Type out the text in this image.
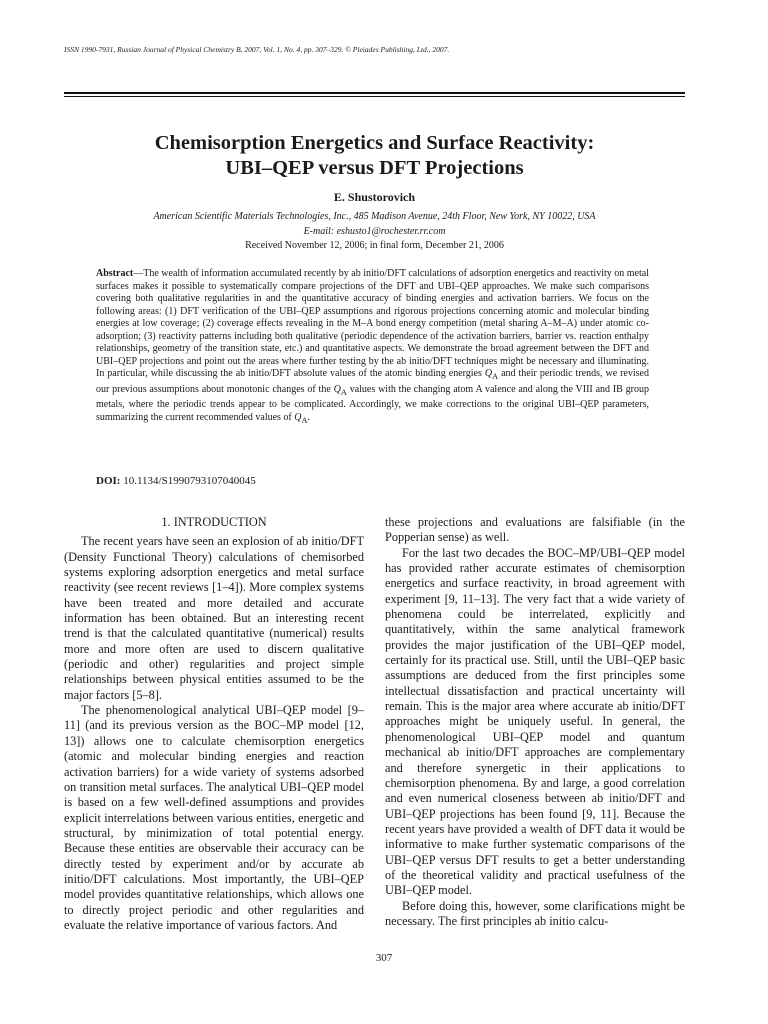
ISSN 1990-7931, Russian Journal of Physical Chemistry B, 2007, Vol. 1, No. 4, pp. 307–329. © Pleiades Publishing, Ltd., 2007.
Chemisorption Energetics and Surface Reactivity:
UBI–QEP versus DFT Projections
E. Shustorovich
American Scientific Materials Technologies, Inc., 485 Madison Avenue, 24th Floor, New York, NY 10022, USA
E-mail: eshusto1@rochester.rr.com
Received November 12, 2006; in final form, December 21, 2006
Abstract—The wealth of information accumulated recently by ab initio/DFT calculations of adsorption energetics and reactivity on metal surfaces makes it possible to systematically compare projections of the DFT and UBI–QEP approaches. We make such comparisons covering both qualitative regularities in and the quantitative accuracy of binding energies and activation barriers. We focus on the following areas: (1) DFT verification of the UBI–QEP assumptions and rigorous projections concerning atomic and molecular binding energies at low coverage; (2) coverage effects revealing in the M–A bond energy competition (metal sharing A–M–A) under atomic co-adsorption; (3) reactivity patterns including both qualitative (periodic dependence of the activation barriers, barrier vs. reaction enthalpy relationships, geometry of the transition state, etc.) and quantitative aspects. We demonstrate the broad agreement between the DFT and UBI–QEP projections and point out the areas where further testing by the ab initio/DFT techniques might be necessary and illuminating. In particular, while discussing the ab initio/DFT absolute values of the atomic binding energies $Q_A$ and their periodic trends, we revised our previous assumptions about monotonic changes of the $Q_A$ values with the changing atom A valence and along the VIII and IB group metals, where the periodic trends appear to be complicated. Accordingly, we make corrections to the original UBI–QEP parameters, summarizing the current recommended values of $Q_A$.
DOI: 10.1134/S1990793107040045
1. INTRODUCTION

The recent years have seen an explosion of ab initio/DFT (Density Functional Theory) calculations of chemisorbed systems exploring adsorption energetics and metal surface reactivity (see recent reviews [1–4]). More complex systems have been treated and more detailed and accurate information has been obtained. But an interesting recent trend is that the calculated quantitative (numerical) results more and more often are used to discern qualitative (periodic and other) regularities and project simple relationships between physical entities assumed to be the major factors [5–8].

The phenomenological analytical UBI–QEP model [9–11] (and its previous version as the BOC–MP model [12, 13]) allows one to calculate chemisorption energetics (atomic and molecular binding energies and reaction activation barriers) for a wide variety of systems adsorbed on transition metal surfaces. The analytical UBI–QEP model is based on a few well-defined assumptions and provides explicit interrelations between various entities, energetic and structural, by minimization of total potential energy. Because these entities are observable their accuracy can be directly tested by experiment and/or by accurate ab initio/DFT calculations. Most importantly, the UBI–QEP model provides quantitative relationships, which allows one to directly project periodic and other regularities and evaluate the relative importance of various factors. And

these projections and evaluations are falsifiable (in the Popperian sense) as well.

For the last two decades the BOC–MP/UBI–QEP model has provided rather accurate estimates of chemisorption energetics and surface reactivity, in broad agreement with experiment [9, 11–13]. The very fact that a wide variety of phenomena could be interrelated, explicitly and quantitatively, within the same analytical framework provides the major justification of the UBI–QEP model, certainly for its practical use. Still, until the UBI–QEP basic assumptions are deduced from the first principles some intellectual dissatisfaction and practical uncertainty will remain. This is the major area where accurate ab initio/DFT approaches might be uniquely useful. In general, the phenomenological UBI–QEP model and quantum mechanical ab initio/DFT approaches are complementary and therefore synergetic in their applications to chemisorption phenomena. By and large, a good correlation and even numerical closeness between ab initio/DFT and UBI–QEP projections has been found [9, 11]. Because the recent years have provided a wealth of DFT data it would be informative to make further systematic comparisons of the UBI–QEP versus DFT results to get a better understanding of the theoretical validity and practical usefulness of the UBI–QEP model.

Before doing this, however, some clarifications might be necessary. The first principles ab initio calcu-

307
